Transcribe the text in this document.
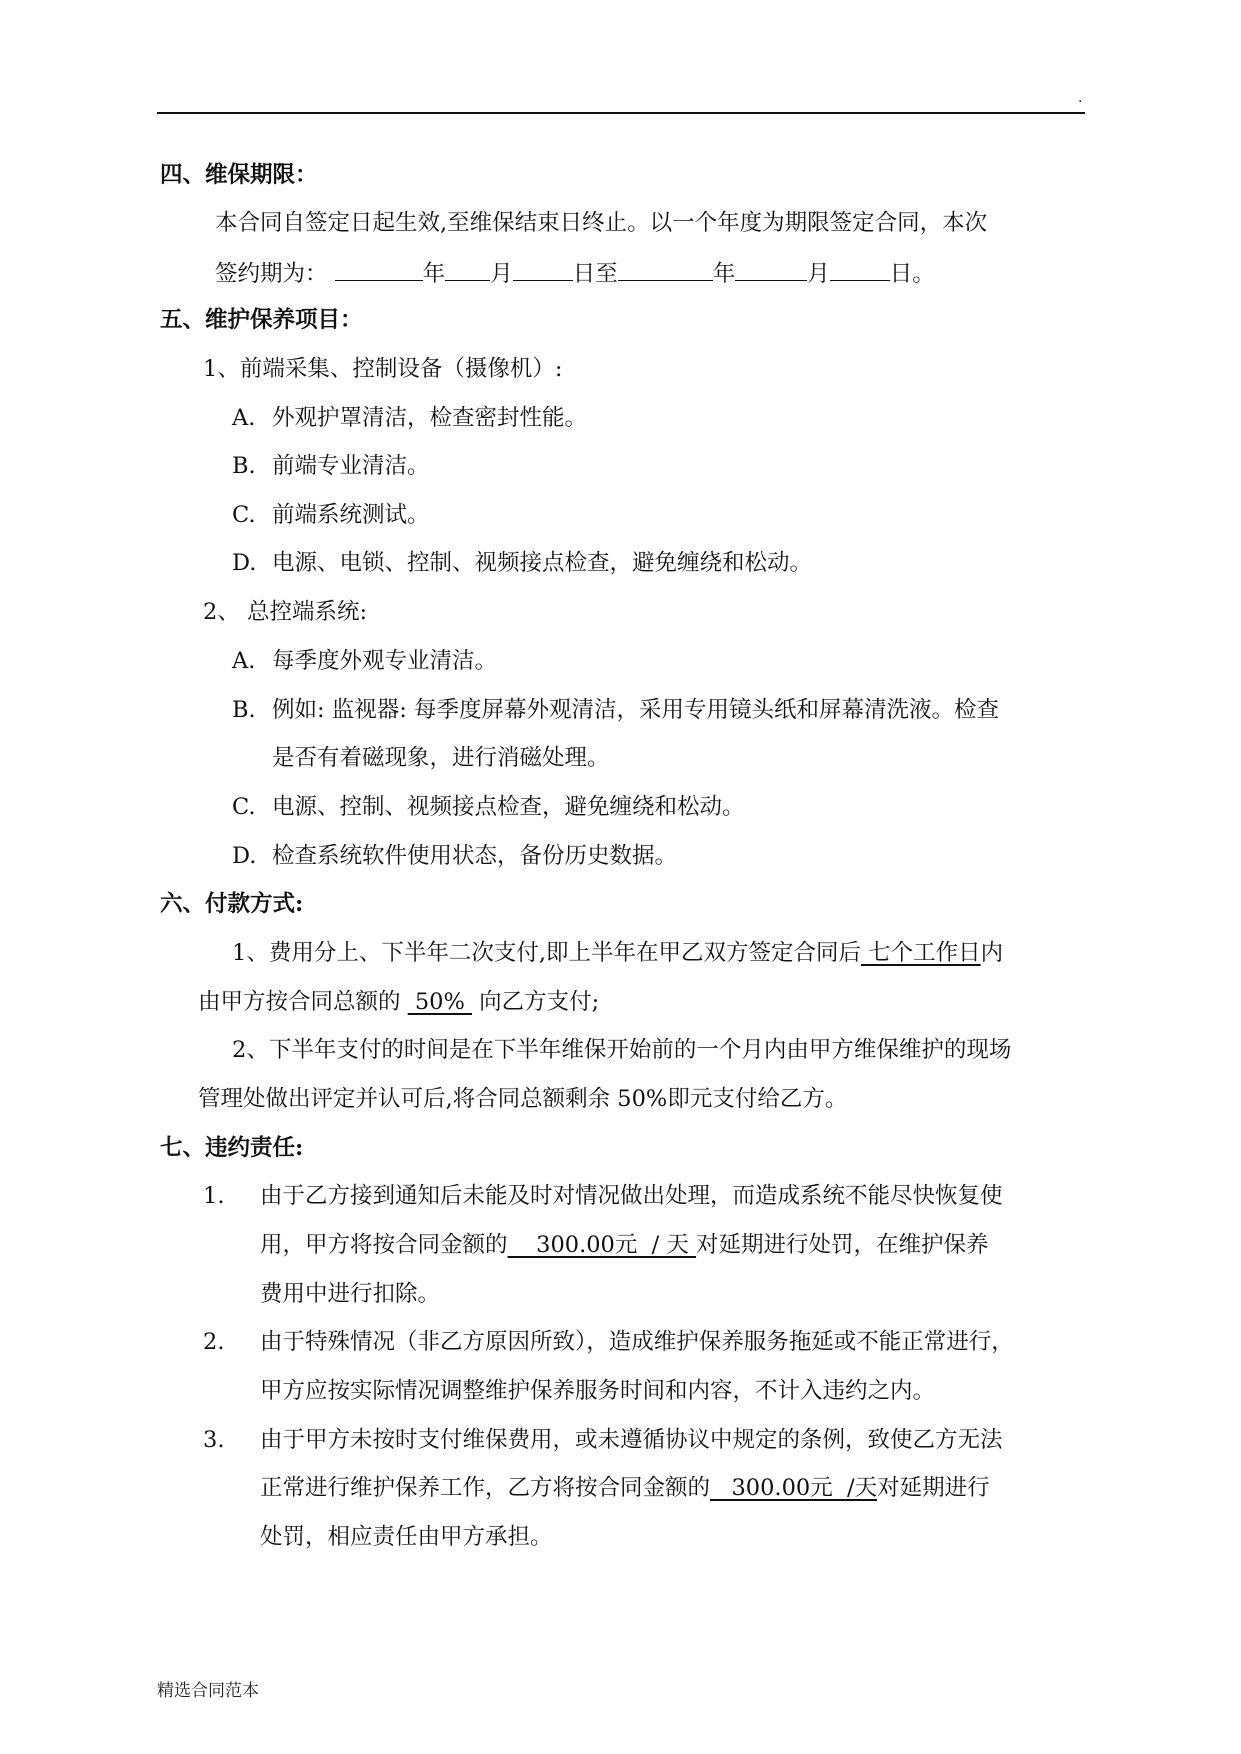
.
四、维保期限：
本合同自签定日起生效,至维保结束日终止。以一个年度为期限签定合同，本次
签约期为：	年 月	日至	年	月	日。
五、维护保养项目：
1、前端采集、控制设备（摄像机）:
A. 外观护罩清洁，检查密封性能。
B. 前端专业清洁。
C. 前端系统测试。
D. 电源、电锁、控制、视频接点检查，避免缠绕和松动。
2、 总控端系统:
A. 每季度外观专业清洁。
B. 例如: 监视器: 每季度屏幕外观清洁，采用专用镜头纸和屏幕清洗液。检查
是否有着磁现象，进行消磁处理。
C. 电源、控制、视频接点检查，避免缠绕和松动。
D. 检查系统软件使用状态，备份历史数据。
六、付款方式:
1、费用分上、下半年二次支付,即上半年在甲乙双方签定合同后 七个工作日内
由甲方按合同总额的  50%  向乙方支付;
2、下半年支付的时间是在下半年维保开始前的一个月内由甲方维保维护的现场
管理处做出评定并认可后,将合同总额剩余 50%即元支付给乙方。
七、违约责任:
1. 由于乙方接到通知后未能及时对情况做出处理，而造成系统不能尽快恢复使
用，甲方将按合同金额的    300.00元  / 天 对延期进行处罚，在维护保养
费用中进行扣除。
2. 由于特殊情况（非乙方原因所致），造成维护保养服务拖延或不能正常进行，
甲方应按实际情况调整维护保养服务时间和内容，不计入违约之内。
3. 由于甲方未按时支付维保费用，或未遵循协议中规定的条例，致使乙方无法
正常进行维护保养工作，乙方将按合同金额的   300.00元  /天对延期进行
处罚，相应责任由甲方承担。
精选合同范本
